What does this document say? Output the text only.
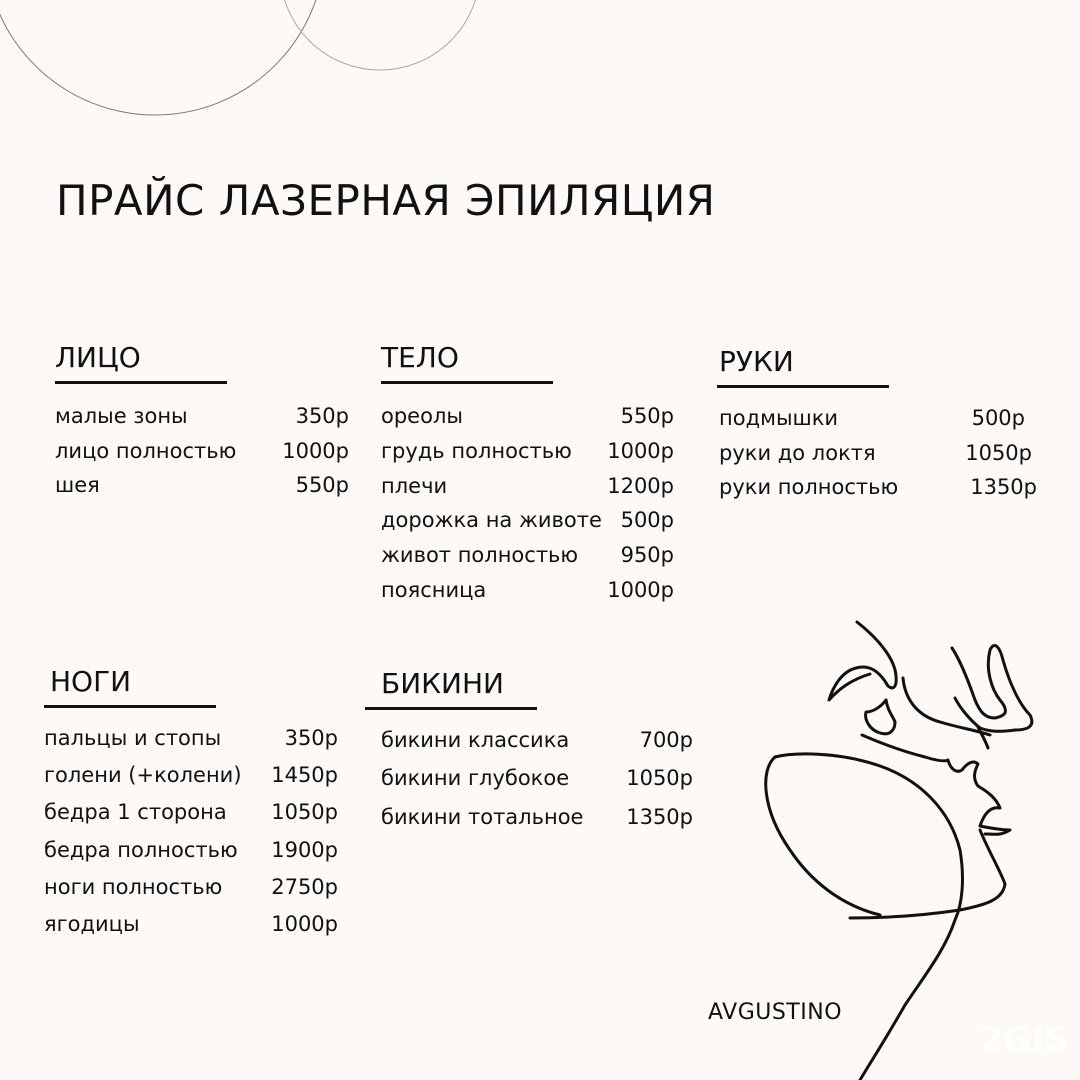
ПРАЙС ЛАЗЕРНАЯ ЭПИЛЯЦИЯ
ЛИЦО
малые зоны	350р
лицо полностью 1000р
шея	550р
ТЕЛО
ореолы	550р
грудь полностью 1000р
плечи	1200р
дорожка на животе 500р
живот полностью 950р
поясница	1000р
РУКИ
подмышки	500р
руки до локтя	1050р
руки полностью	1350р
НОГИ
пальцы и стопы	350р
голени (+колени) 1450р
бедра 1 сторона 1050р
бедра полностью 1900р
ноги полностью 2750р
ягодицы	1000р
БИКИНИ
бикини классика	700р
бикини глубокое	1050р
бикини тотальное 1350р
AVGUSTINO
2GIS
